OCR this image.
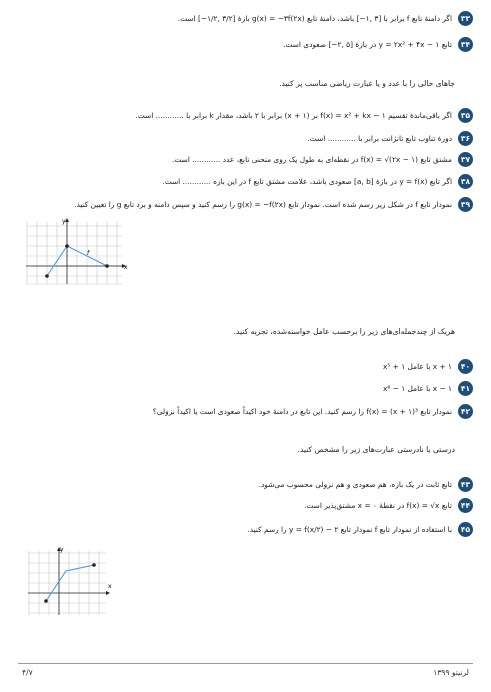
۳۳
اگر دامنهٔ تابع f برابر با [۳ ,۱−] باشد، دامنهٔ تابع g(x) = −۳f(۲x) بازهٔ [۳/۲ ,۱/۲−] است.
۳۴
تابع y = ۲x² + ۴x − ۱ در بازهٔ [۵ ,۲−] صعودی است.
جاهای خالی را با عدد و یا عبارت ریاضی مناسب پر کنید.
۳۵
اگر باقی‌ماندهٔ تقسیم f(x) = x² + kx − ۱ بر (x + ۱) برابر با ۲ باشد، مقدار k برابر با ............ است.
۳۶
دورهٔ تناوب تابع تانژانت برابر با ............ است.
۳۷
مشتق تابع f(x) = √(۲x − ۱) در نقطه‌ای به طول یک روی منحنی تابع، عدد ............ است.
۳۸
اگر تابع y = f(x) در بازهٔ [a, b] صعودی باشد، علامت مشتق تابع f در این بازه ............ است.
۳۹
نمودار تابع f در شکل زیر رسم شده است. نمودار تابع g(x) = −f(۲x) را رسم کنید و سپس دامنه و برد تابع g را تعیین کنید.
x
y
f
هریک از چندجمله‌ای‌های زیر را برحسب عامل خواسته‌شده، تجزیه کنید.
۴۰
x⁵ + ۱ با عامل x + ۱
۴۱
x⁶ − ۱ با عامل x − ۱
۴۲
نمودار تابع f(x) = (x + ۱)³ را رسم کنید. این تابع در دامنهٔ خود اکیداً صعودی است یا اکیداً نزولی؟
درستی یا نادرستی عبارت‌های زیر را مشخص کنید.
۴۳
تابع ثابت در یک بازه، هم صعودی و هم نزولی محسوب می‌شود.
۴۴
تابع f(x) = √x در نقطهٔ x = ۰ مشتق‌پذیر است.
۴۵
با استفاده از نمودار تابع f نمودار تابع y = f(x/۲) − ۲ را رسم کنید.
x
y
۴/۷	لرنیتو ۱۳۹۹
